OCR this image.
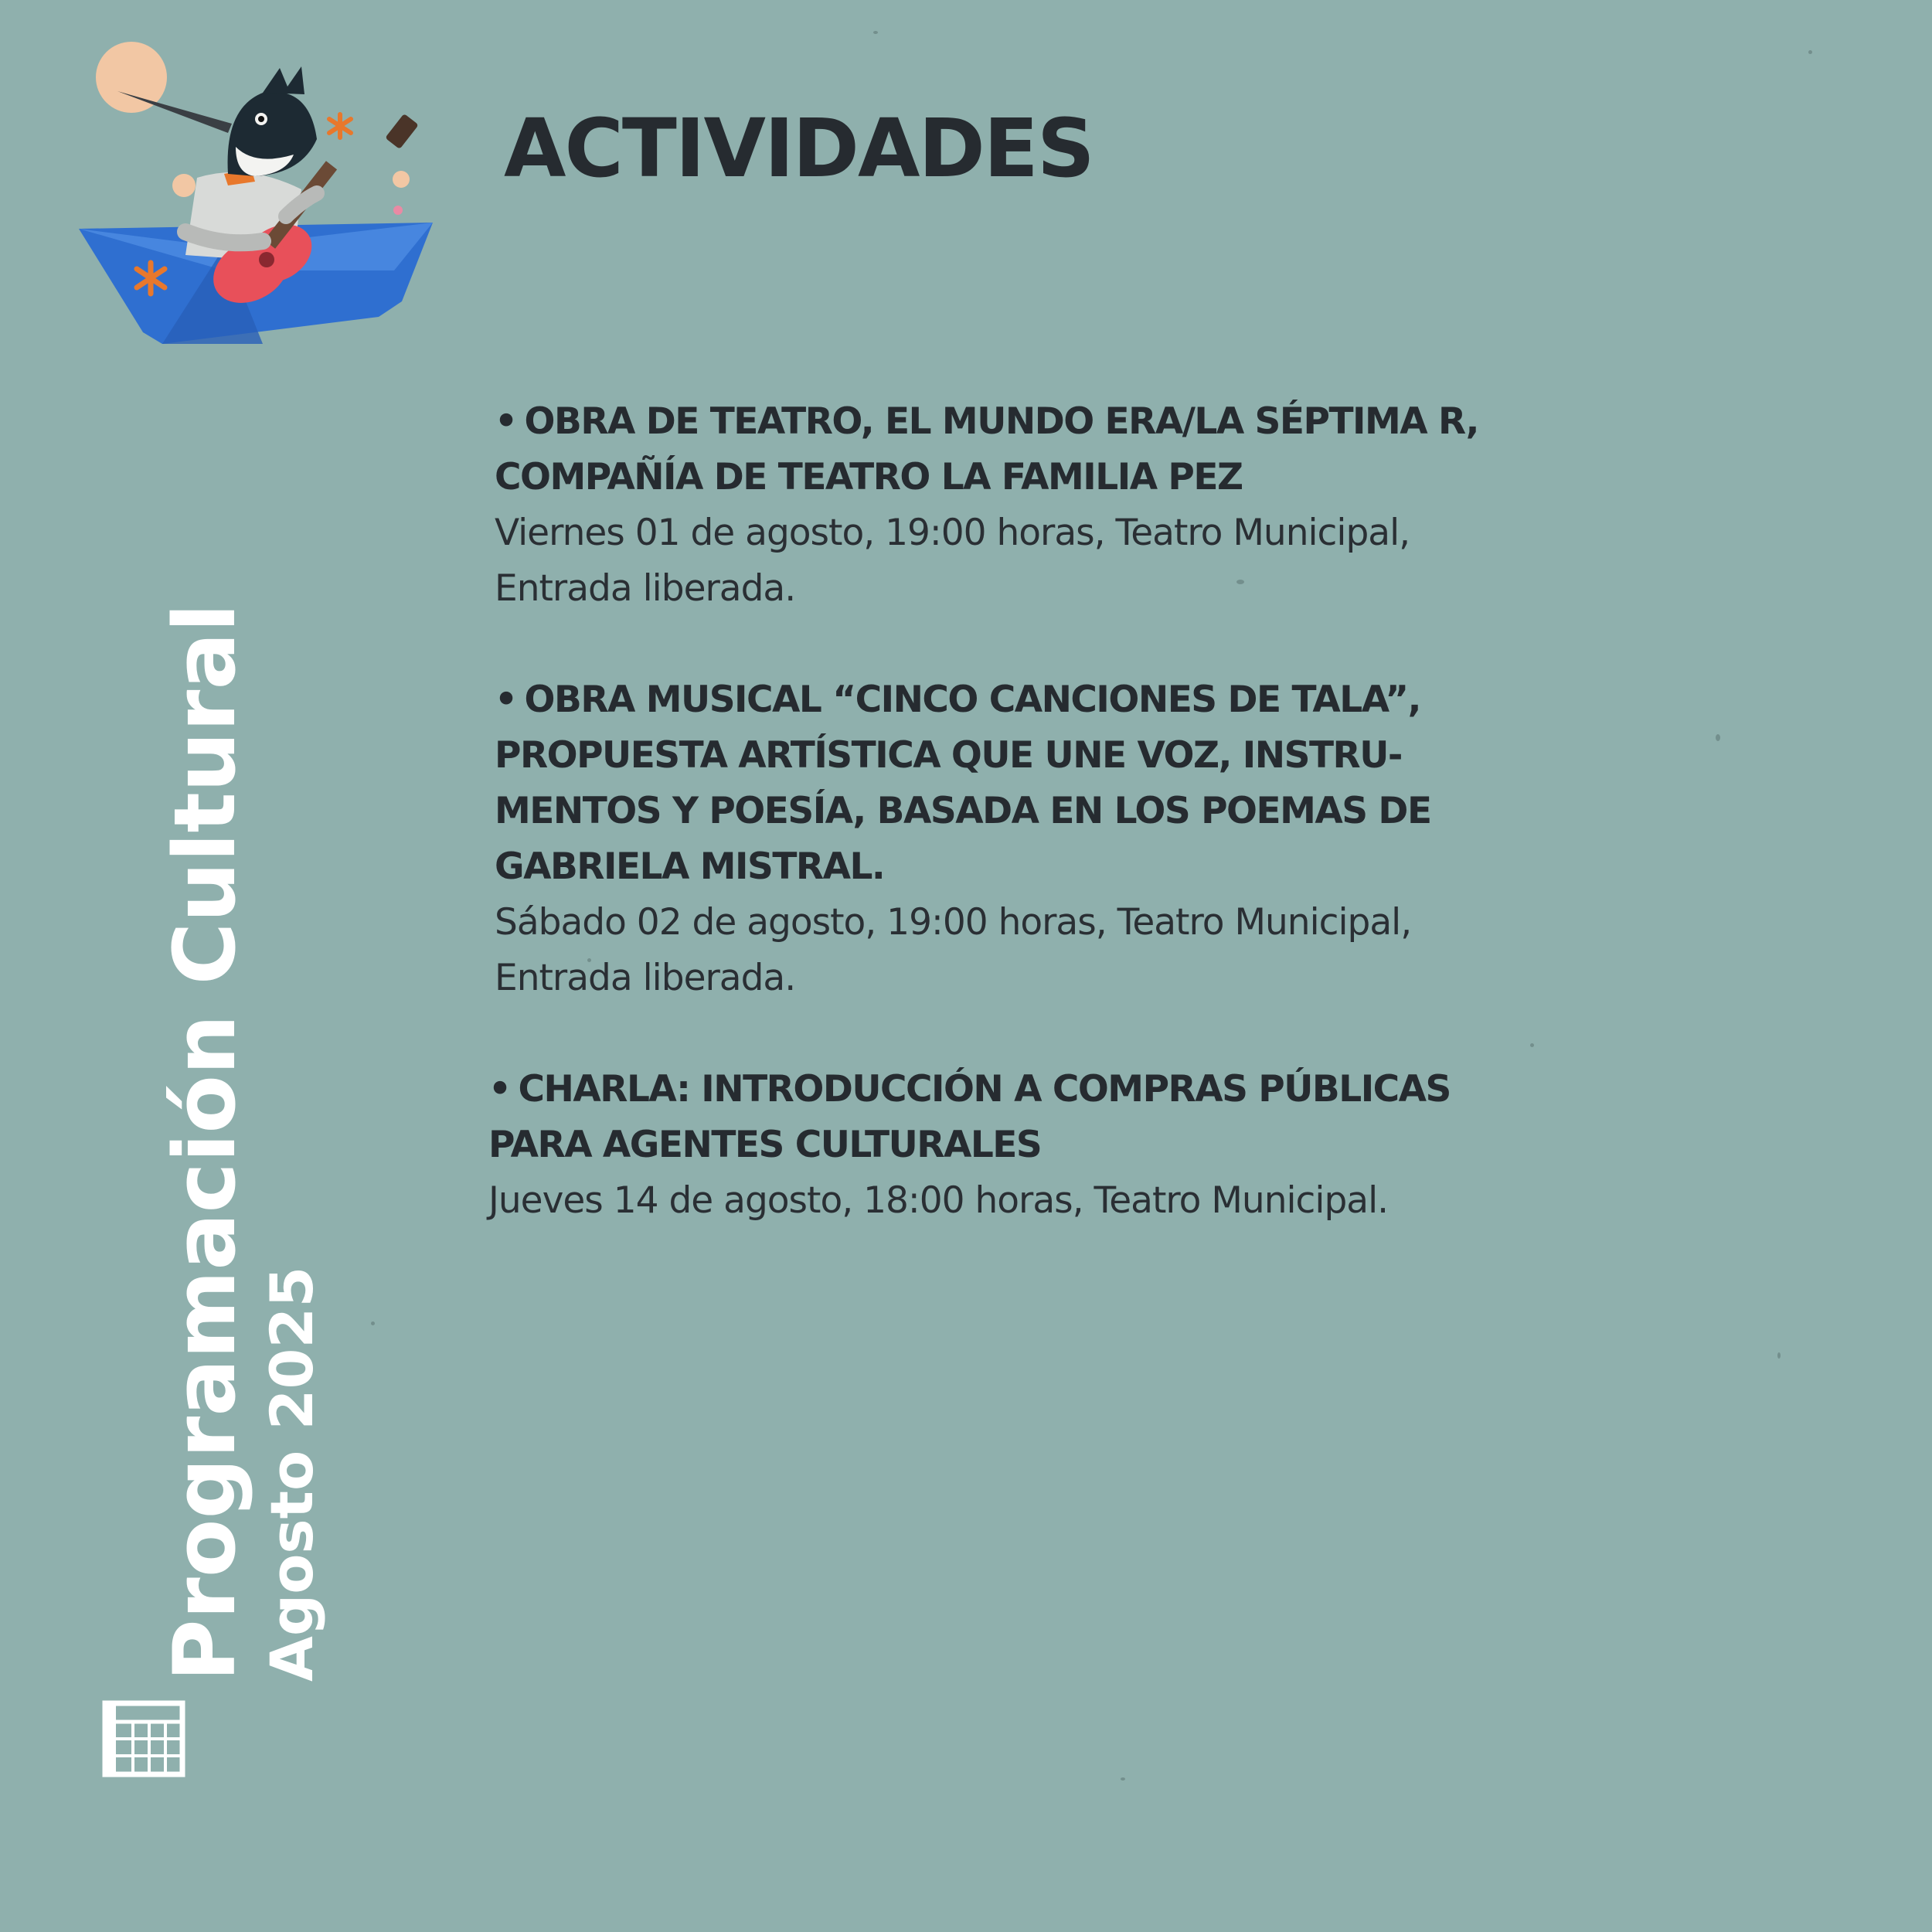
ACTIVIDADES
• OBRA DE TEATRO, EL MUNDO ERA/LA SÉPTIMA R,
COMPAÑÍA DE TEATRO LA FAMILIA PEZ
Viernes 01 de agosto, 19:00 horas, Teatro Municipal,
Entrada liberada.
• OBRA MUSICAL “CINCO CANCIONES DE TALA”,
PROPUESTA ARTÍSTICA QUE UNE VOZ, INSTRU-
MENTOS Y POESÍA, BASADA EN LOS POEMAS DE
GABRIELA MISTRAL.
Sábado 02 de agosto, 19:00 horas, Teatro Municipal,
Entrada liberada.
• CHARLA: INTRODUCCIÓN A COMPRAS PÚBLICAS
PARA AGENTES CULTURALES
Jueves 14 de agosto, 18:00 horas, Teatro Municipal.
Programación Cultural Agosto 2025
